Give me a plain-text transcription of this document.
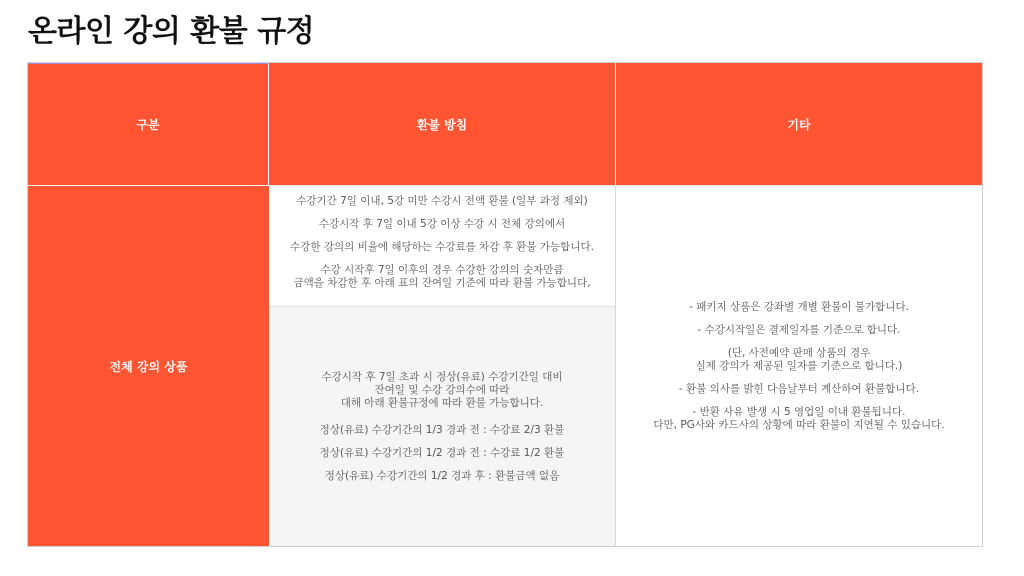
온라인 강의 환불 규정
구분	환불 방침	기타
전체 강의 상품
수강기간 7일 이내, 5강 미만 수강시 전액 환불 (일부 과정 제외)
수강시작 후 7일 이내 5강 이상 수강 시 전체 강의에서
수강한 강의의 비율에 해당하는 수강료를 차감 후 환불 가능합니다.
수강 시작후 7일 이후의 경우 수강한 강의의 숫자만큼
금액을 차감한 후 아래 표의 잔여일 기준에 따라 환불 가능합니다,
수강시작 후 7일 초과 시 정상(유료) 수강기간일 대비
잔여일 및 수강 강의수에 따라
대해 아래 환불규정에 따라 환불 가능합니다.
정상(유료) 수강기간의 1/3 경과 전 : 수강료 2/3 환불
정상(유료) 수강기간의 1/2 경과 전 : 수강료 1/2 환불
정상(유료) 수강기간의 1/2 경과 후 : 환불금액 없음
- 패키지 상품은 강좌별 개별 환불이 불가합니다.
- 수강시작일은 결제일자를 기준으로 합니다.
(단, 사전예약 판매 상품의 경우
실제 강의가 제공된 일자를 기준으로 합니다.)
- 환불 의사를 밝힌 다음날부터 계산하여 환불합니다.
- 반환 사유 발생 시 5 영업일 이내 환불됩니다.
다만, PG사와 카드사의 상황에 따라 환불이 지연될 수 있습니다.
